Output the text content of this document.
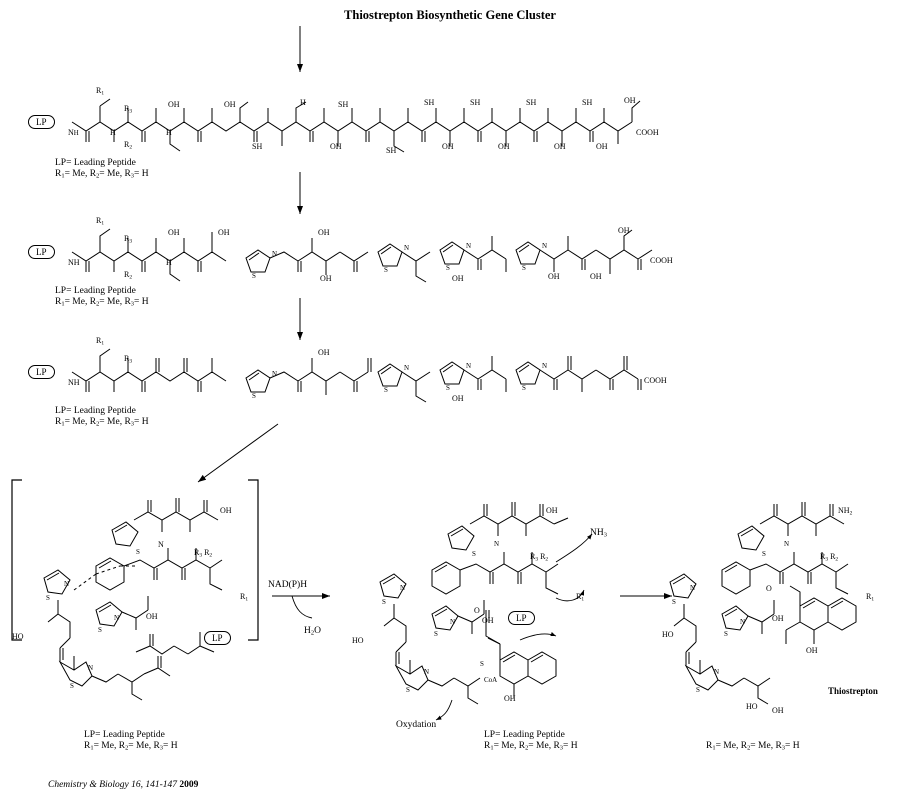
Thiostrepton Biosynthetic Gene Cluster
LP
$R_1$
$R_3$
$R_2$
NH	H	H
OH	OH
SH
H
OH
SH
SH
SH
OH
SH
OH
SH
OH
SH
OH
OH
COOH
LP= Leading Peptide
$R_1= Me$, $R_2= Me$, $R_3= H$
LP
$R_1$
$R_3$
$R_2$
NH	H
OH	OH
N
S
OH
OH
N
S
N
S
OH
N
S
OH	OH
OH
COOH
LP= Leading Peptide
$R_1= Me$, $R_2= Me$, $R_3= H$
LP
$R_1$
$R_3$
NH
N
S
OH
N
S
N
S
OH
N
S
COOH
LP= Leading Peptide
$R_1= Me$, $R_2= Me$, $R_3= H$
OH
N
S
N
S
N
S
N
S
HO
OH
$R_3$ $R_2$
$R_1$
LP
LP= Leading Peptide
$R_1= Me$, $R_2= Me$, $R_3= H$
NAD(P)H
$H_2O$
$NH_3$
Oxydation
S
CoA
OH
N
S
N
S
N
S
N
S
HO
OH
$R_3$ $R_2$
$R_1$
OH
O
LP
LP= Leading Peptide
$R_1= Me$, $R_2= Me$, $R_3= H$
$NH_2$
N
S
N
S
N
S
N
S
HO
OH
$R_3$ $R_2$
$R_1$
OH
HO OH
O
Thiostrepton
$R_1= Me$, $R_2= Me$, $R_3= H$
Chemistry & Biology 16, 141-147 2009
